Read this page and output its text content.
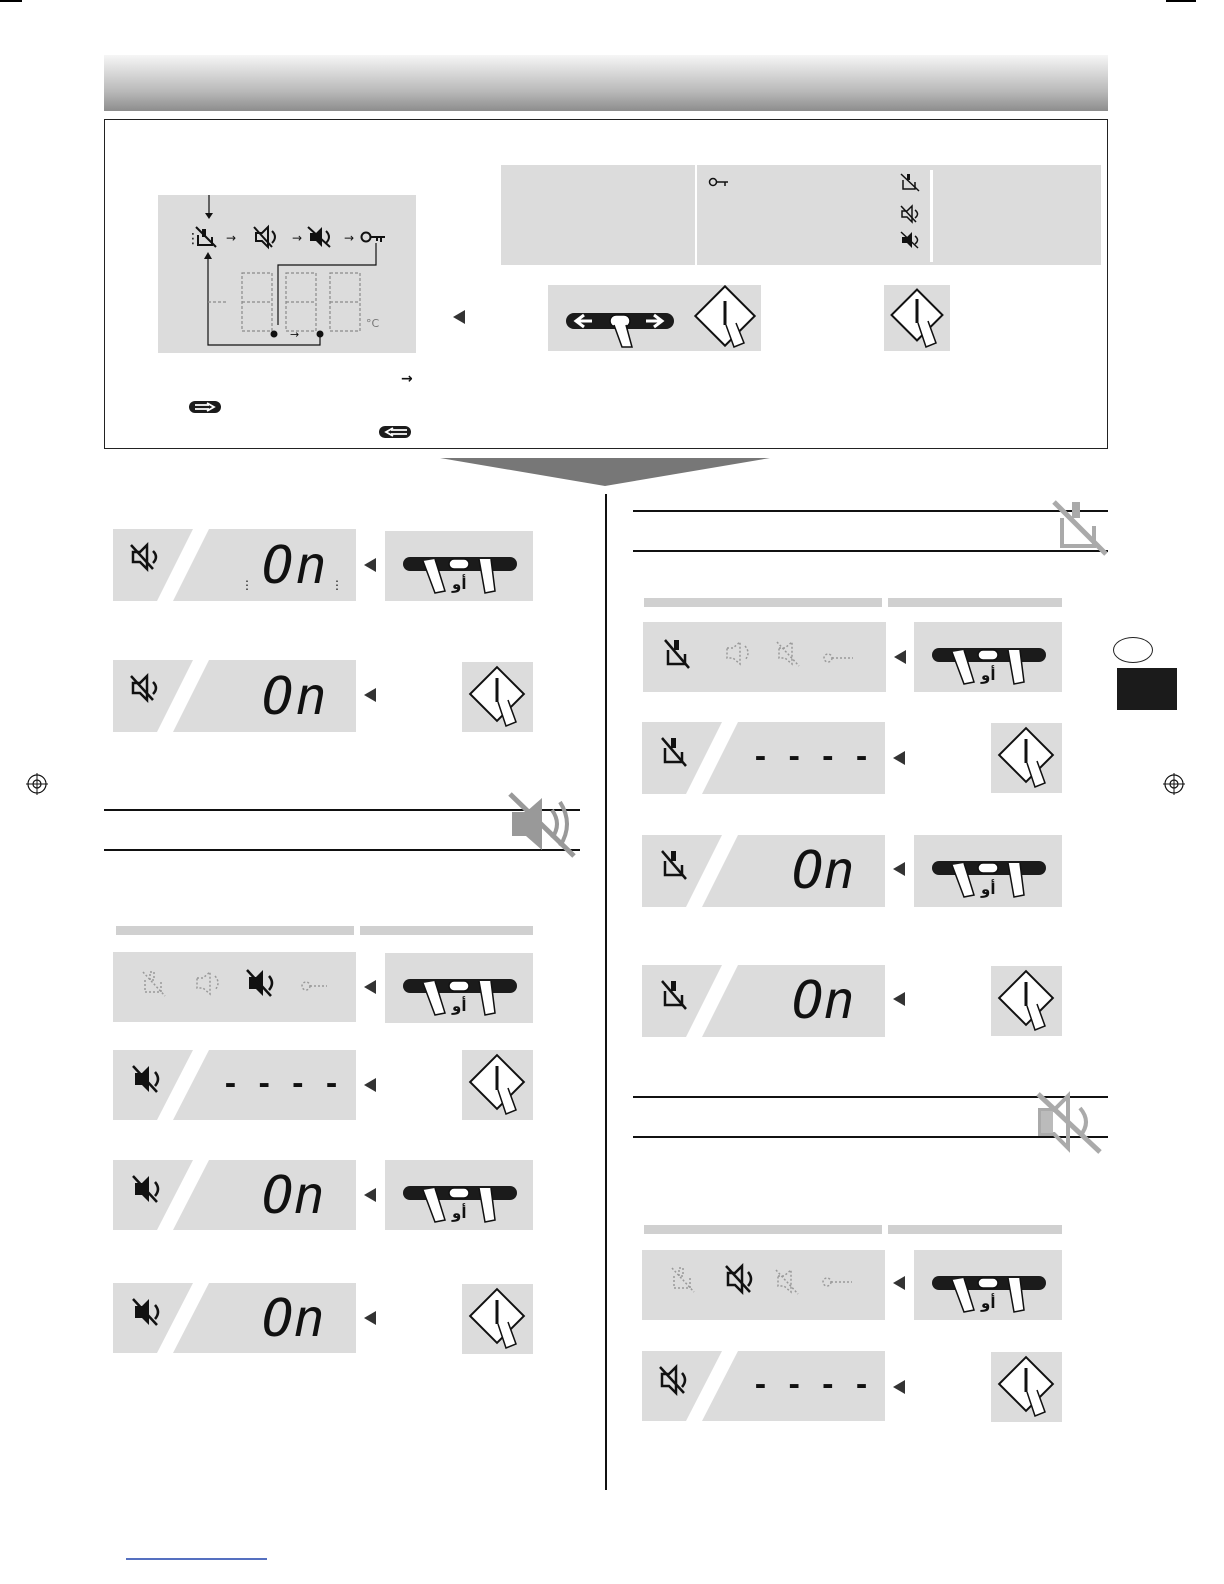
⋮ →	→	→
→
°C
→
⋮	⋮
On	أو
On
أو
- - - -
On	أو
On
أو
- - - -
On	أو
On
أو
- - - -
